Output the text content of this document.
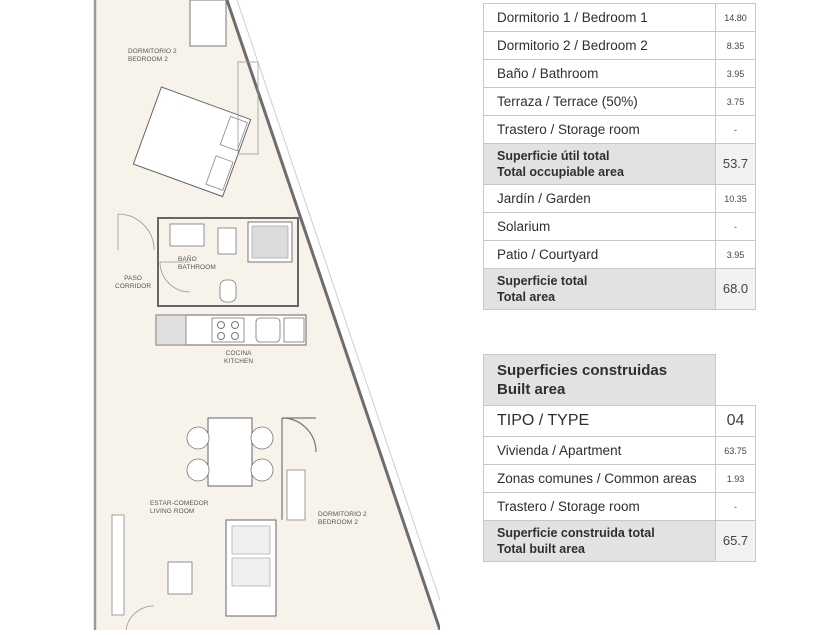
DORMITORIO 2
BEDROOM 2
BAÑO
BATHROOM
PASO
CORRIDOR
COCINA
KITCHEN
ESTAR-COMEDOR
LIVING ROOM	DORMITORIO 2
BEDROOM 2
Dormitorio 1 / Bedroom 1	14.80
Dormitorio 2 / Bedroom 2	8.35
Baño / Bathroom	3.95
Terraza / Terrace (50%)	3.75
Trastero / Storage room	-

Superficie útil total
Total occupiable area	53.7
Jardín / Garden	10.35
Solarium	-
Patio / Courtyard	3.95

Superficie total
Total area	68.0
Superficies construidas
Built area	

TIPO / TYPE	04
Vivienda / Apartment	63.75
Zonas comunes / Common areas	1.93
Trastero / Storage room	-

Superficie construida total
Total built area	65.7
